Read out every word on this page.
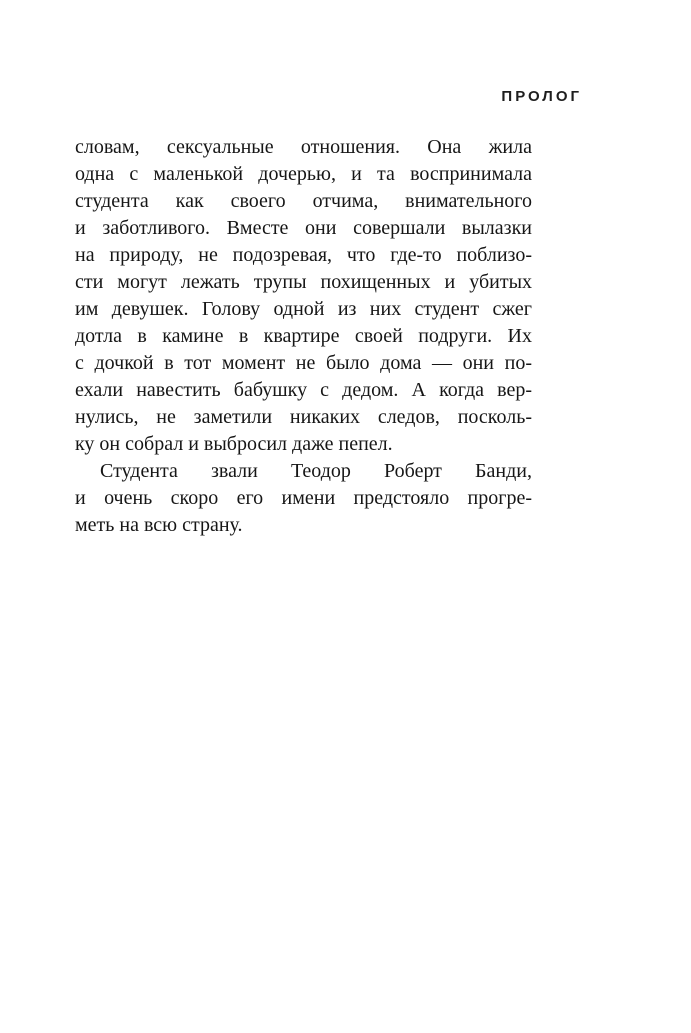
ПРОЛОГ
словам, сексуальные отношения. Она жила
одна с маленькой дочерью, и та воспринимала
студента как своего отчима, внимательного
и заботливого. Вместе они совершали вылазки
на природу, не подозревая, что где-то поблизо-
сти могут лежать трупы похищенных и убитых
им девушек. Голову одной из них студент сжег
дотла в камине в квартире своей подруги. Их
с дочкой в тот момент не было дома — они по-
ехали навестить бабушку с дедом. А когда вер-
нулись, не заметили никаких следов, посколь-
ку он собрал и выбросил даже пепел.
Студента звали Теодор Роберт Банди,
и очень скоро его имени предстояло прогре-
меть на всю страну.
